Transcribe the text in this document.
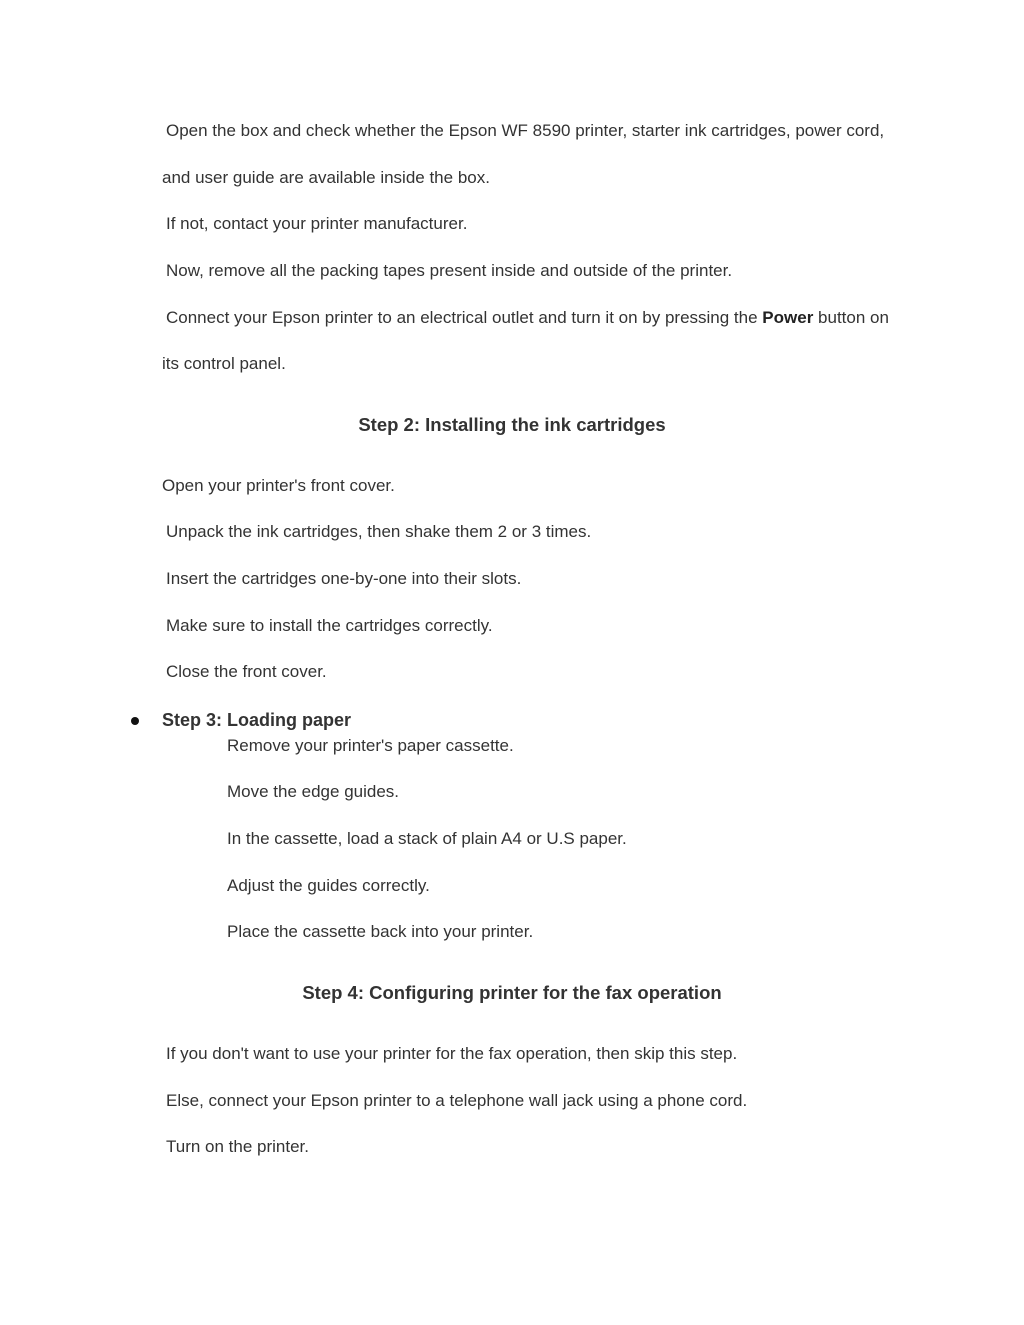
Open the box and check whether the Epson WF 8590 printer, starter ink cartridges, power cord,
and user guide are available inside the box.
If not, contact your printer manufacturer.
Now, remove all the packing tapes present inside and outside of the printer.
Connect your Epson printer to an electrical outlet and turn it on by pressing the Power button on
its control panel.
Step 2: Installing the ink cartridges
Open your printer's front cover.
Unpack the ink cartridges, then shake them 2 or 3 times.
Insert the cartridges one-by-one into their slots.
Make sure to install the cartridges correctly.
Close the front cover.
Step 3: Loading paper
Remove your printer's paper cassette.
Move the edge guides.
In the cassette, load a stack of plain A4 or U.S paper.
Adjust the guides correctly.
Place the cassette back into your printer.
Step 4: Configuring printer for the fax operation
If you don't want to use your printer for the fax operation, then skip this step.
Else, connect your Epson printer to a telephone wall jack using a phone cord.
Turn on the printer.
